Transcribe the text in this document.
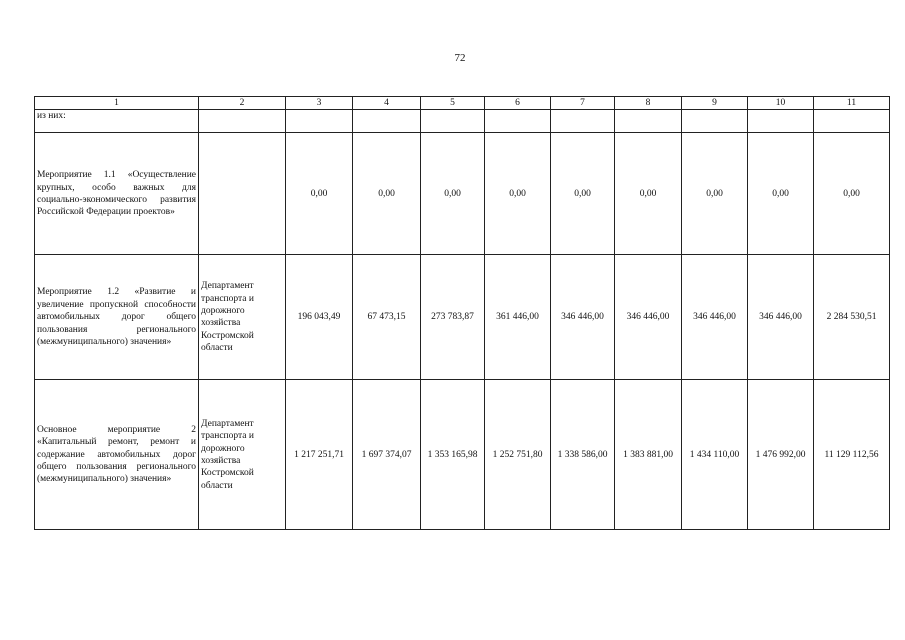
72
1	2	3	4	5	6	7	8	9	10	11
из них:										
Мероприятие 1.1 «Осуществление крупных, особо важных для социально-экономического развития Российской Федерации проектов»		0,00	0,00	0,00	0,00	0,00	0,00	0,00	0,00	0,00
Мероприятие 1.2 «Развитие и увеличение пропускной способности автомобильных дорог общего пользования регионального (межмуниципального) значения»	Департамент транспорта и дорожного хозяйства Костромской области	196 043,49	67 473,15	273 783,87	361 446,00	346 446,00	346 446,00	346 446,00	346 446,00	2 284 530,51
Основное мероприятие 2 «Капитальный ремонт, ремонт и содержание автомобильных дорог общего пользования регионального (межмуниципального) значения»	Департамент транспорта и дорожного хозяйства Костромской области	1 217 251,71	1 697 374,07	1 353 165,98	1 252 751,80	1 338 586,00	1 383 881,00	1 434 110,00	1 476 992,00	11 129 112,56
